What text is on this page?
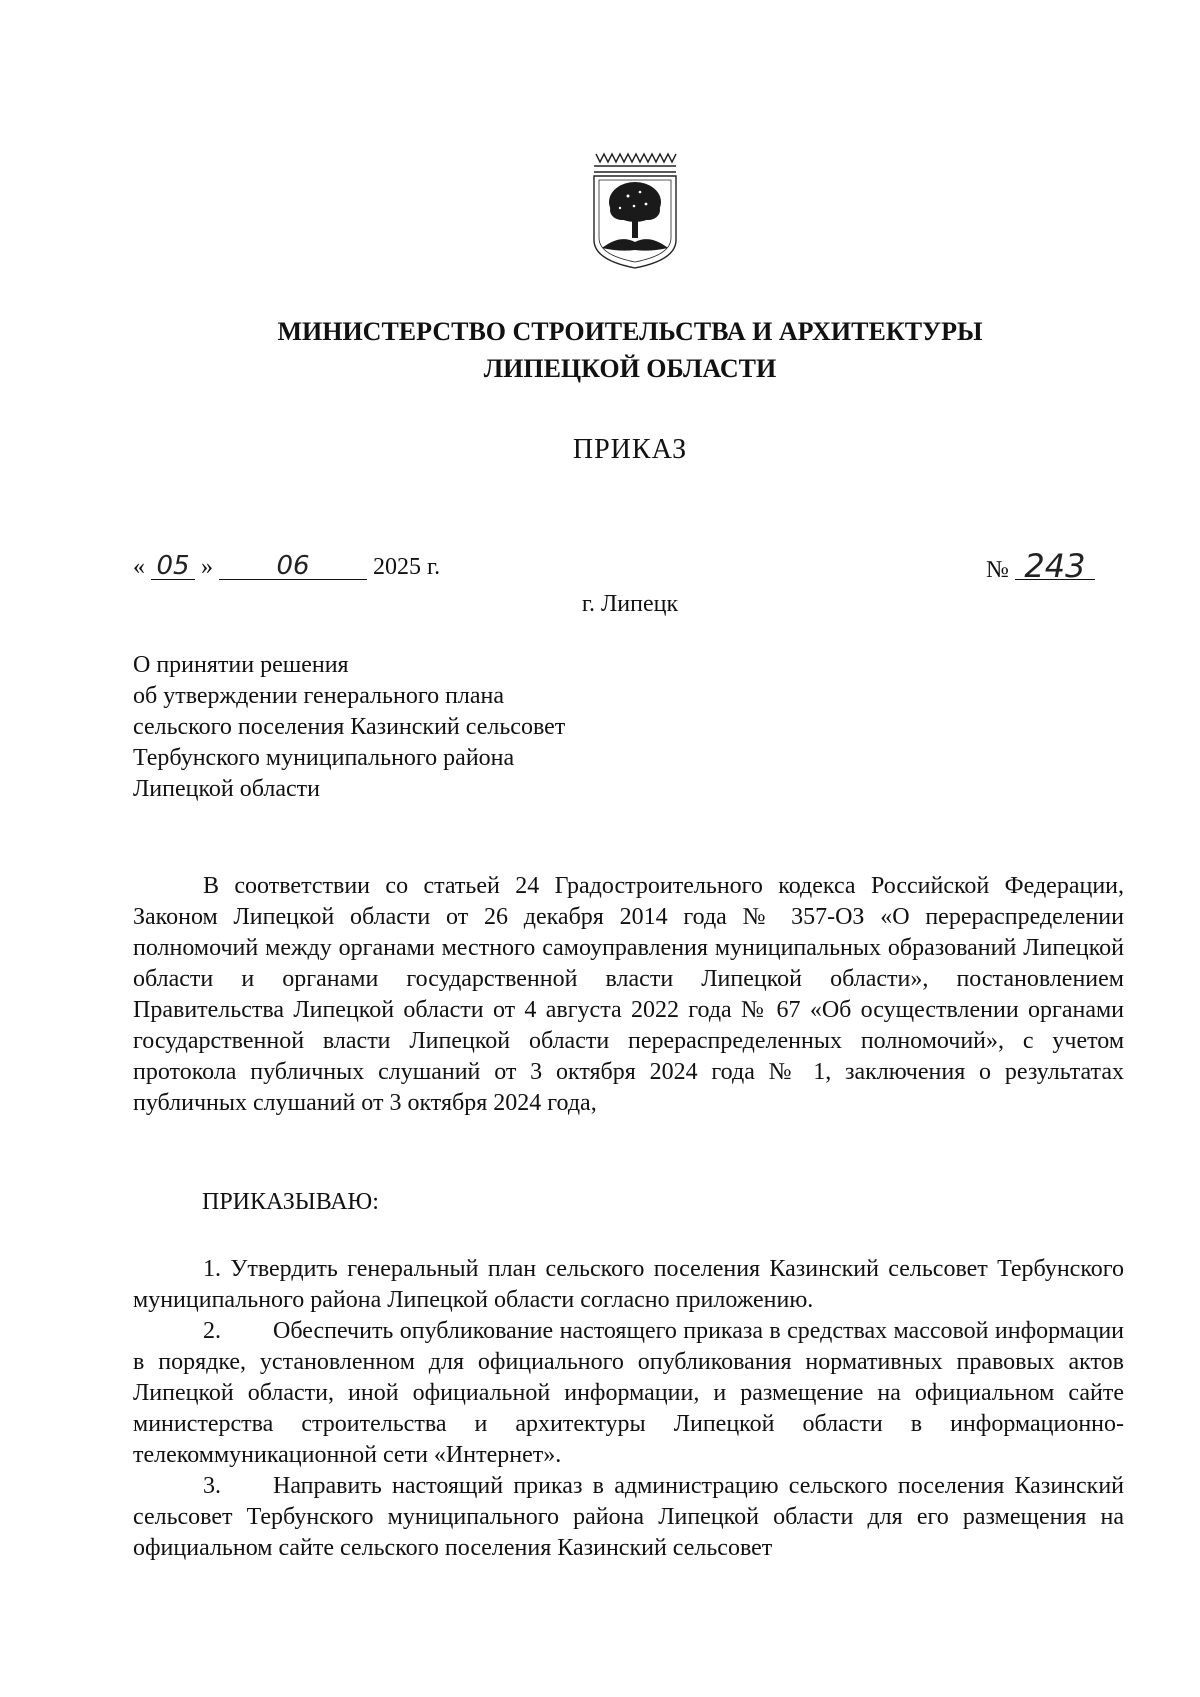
МИНИСТЕРСТВО СТРОИТЕЛЬСТВА И АРХИТЕКТУРЫ
ЛИПЕЦКОЙ ОБЛАСТИ
ПРИКАЗ
« 05 » 06	2025 г.	№ 243
г. Липецк
О принятии решения
об утверждении генерального плана
сельского поселения Казинский сельсовет
Тербунского муниципального района
Липецкой области
В соответствии со статьей 24 Градостроительного кодекса Российской Федерации, Законом Липецкой области от 26 декабря 2014 года № 357-ОЗ «О перераспределении полномочий между органами местного самоуправления муниципальных образований Липецкой области и органами государственной власти Липецкой области», постановлением Правительства Липецкой области от 4 августа 2022 года № 67 «Об осуществлении органами государственной власти Липецкой области перераспределенных полномочий», с учетом протокола публичных слушаний от 3 октября 2024 года № 1, заключения о результатах публичных слушаний от 3 октября 2024 года,
ПРИКАЗЫВАЮ:
1. Утвердить генеральный план сельского поселения Казинский сельсовет Тербунского муниципального района Липецкой области согласно приложению.
2. Обеспечить опубликование настоящего приказа в средствах массовой информации в порядке, установленном для официального опубликования нормативных правовых актов Липецкой области, иной официальной информации, и размещение на официальном сайте министерства строительства и архитектуры Липецкой области в информационно-телекоммуникационной сети «Интернет».
3. Направить настоящий приказ в администрацию сельского поселения Казинский сельсовет Тербунского муниципального района Липецкой области для его размещения на официальном сайте сельского поселения Казинский сельсовет
